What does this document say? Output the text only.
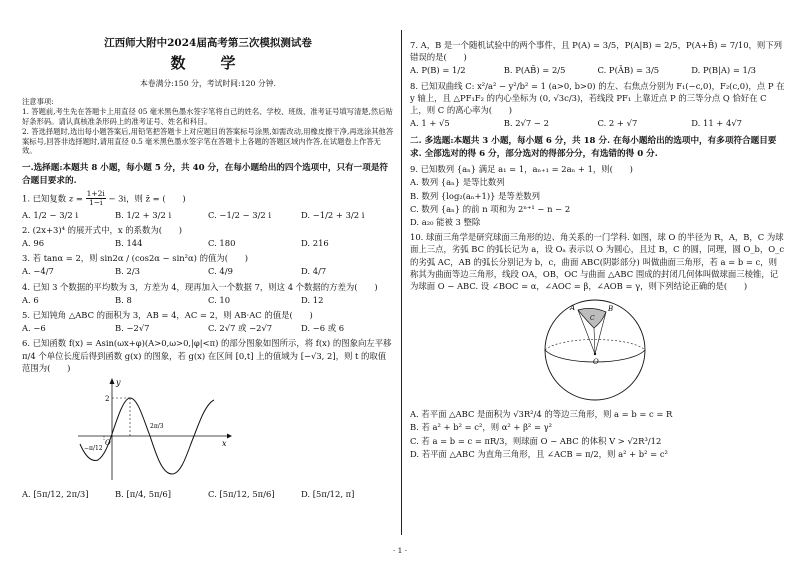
江西师大附中2024届高考第三次模拟测试卷
数　学
本卷满分:150 分，考试时间:120 分钟.

注意事项:

1. 答题前,考生先在答题卡上用直径 05 毫米黑色墨水签字笔将自己的姓名、学校、班级、准考证号填写清楚,然后贴好条形码。请认真核准条形码上的准考证号、姓名和科目。

2. 答选择题时,选出每小题答案后,用铅笔把答题卡上对应题目的答案标号涂黑,如需改动,用橡皮擦干净,再选涂其他答案标号,回答非选择题时,请用直径 0.5 毫米黑色墨水签字笔在答题卡上各题的答题区域内作答,在试题卷上作答无效。

一.选择题:本题共 8 小题，每小题 5 分，共 40 分，在每小题给出的四个选项中，只有一项是符合题目要求的.
1. 已知复数 $z = \frac{1+2i}{1-i} - 3i$，则 z̄ = (　　)
A. 1/2 − 3/2 i	B. 1/2 + 3/2 i	C. −1/2 − 3/2 i	D. −1/2 + 3/2 i
2. (2x+3)⁴ 的展开式中，x 的系数为(　　)
A. 96	B. 144	C. 180	D. 216
3. 若 tanα = 2，则 sin2α / (cos2α − sin²α) 的值为(　　)
A. −4/7	B. 2/3	C. 4/9	D. 4/7
4. 已知 3 个数据的平均数为 3，方差为 4，现再加入一个数据 7，则这 4 个数据的方差为(　　)
A. 6	B. 8	C. 10	D. 12
5. 已知钝角 △ABC 的面积为 3，AB = 4，AC = 2，则 AB·AC 的值是(　　)
A. −6	B. −2√7	C. 2√7 或 −2√7	D. −6 或 6
6. 已知函数 f(x) = Asin(ωx+φ)(A>0,ω>0,|φ|<π) 的部分图象如图所示，将 f(x) 的图象向左平移 π/4 个单位长度后得到函数 g(x) 的图象，若 g(x) 在区间 [0,t] 上的值域为 [−√3, 2]，则 t 的取值范围为(　　)
y
x
O
2
−π/12
2π/3
A. [5π/12, 2π/3]	B. [π/4, 5π/6]	C. [5π/12, 5π/6]	D. [5π/12, π]
7. A，B 是一个随机试验中的两个事件，且 P(A) = 3/5，P(A|B) = 2/5，P(A+B̄) = 7/10，则下列错误的是(　　)
A. P(B) = 1/2	B. P(AB̄) = 2/5	C. P(ĀB) = 3/5	D. P(B|A) = 1/3
8. 已知双曲线 C: x²/a² − y²/b² = 1 (a>0, b>0) 的左、右焦点分别为 F₁(−c,0)，F₂(c,0)，点 P 在 y 轴上，且 △PF₁F₂ 的内心坐标为 (0, √3c/3)，若线段 PF₁ 上靠近点 P 的三等分点 Q 恰好在 C 上，则 C 的离心率为(　　)
A. 1 + √5	B. 2√7 − 2	C. 2 + √7	D. 11 + 4√7
二. 多选题:本题共 3 小题，每小题 6 分，共 18 分. 在每小题给出的选项中，有多项符合题目要求. 全部选对的得 6 分，部分选对的得部分分，有选错的得 0 分.
9. 已知数列 {aₙ} 满足 a₁ = 1，aₙ₊₁ = 2aₙ + 1，则(　　)
A. 数列 {aₙ} 是等比数列
B. 数列 {log₂(aₙ+1)} 是等差数列
C. 数列 {aₙ} 的前 n 项和为 2ⁿ⁺¹ − n − 2
D. a₂₀ 能被 3 整除
10. 球面三角学是研究球面三角形的边、角关系的一门学科. 如图，球 O 的半径为 R，A，B，C 为球面上三点，劣弧 BC 的弧长记为 a，设 Oₐ 表示以 O 为圆心，且过 B，C 的圆，同理，圆 O_b，O_c 的劣弧 AC，AB 的弧长分别记为 b，c，曲面 ABC(阴影部分) 叫做曲面三角形，若 a = b = c，则称其为曲面等边三角形，线段 OA，OB，OC 与曲面 △ABC 围成的封闭几何体叫做球面三棱锥，记为球面 O − ABC. 设 ∠BOC = α，∠AOC = β，∠AOB = γ，则下列结论正确的是(　　)
A	B
C
O
A. 若平面 △ABC 是面积为 √3R²/4 的等边三角形，则 a = b = c = R
B. 若 a² + b² = c²，则 α² + β² = γ²
C. 若 a = b = c = πR/3，则球面 O − ABC 的体积 V > √2R³/12
D. 若平面 △ABC 为直角三角形，且 ∠ACB = π/2，则 a² + b² = c²
· 1 ·
